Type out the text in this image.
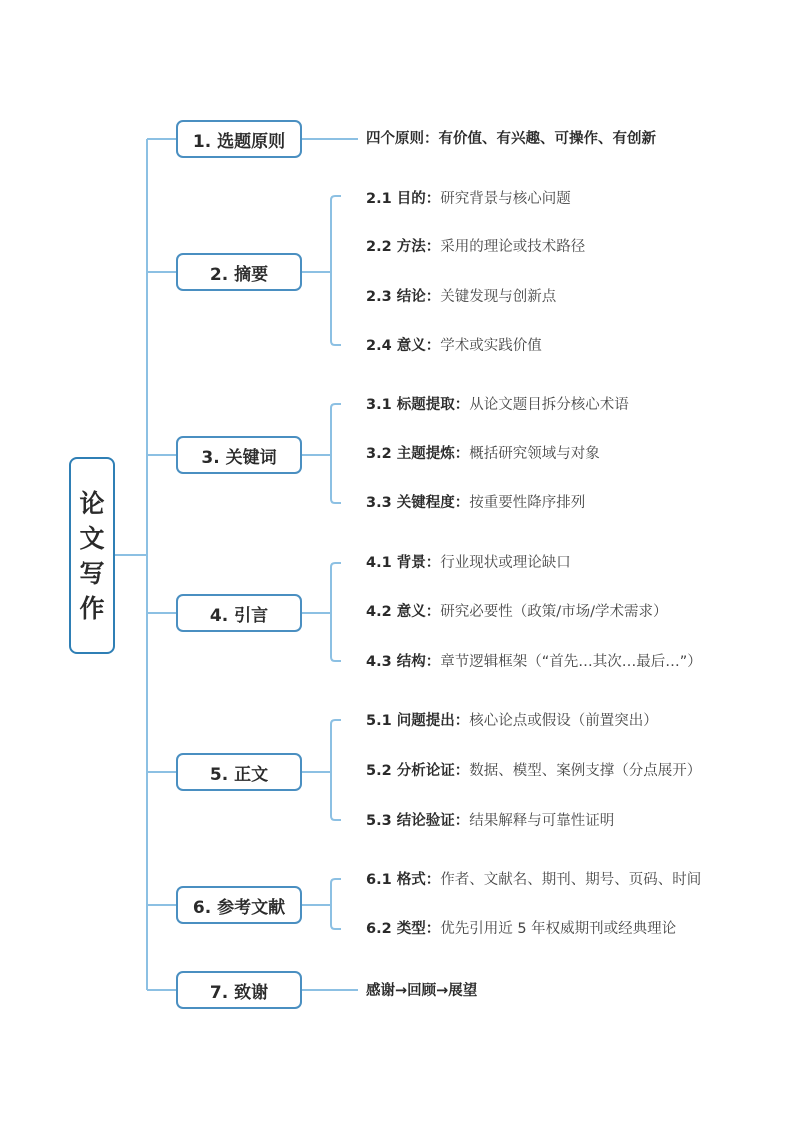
论
文
写
作
1. 选题原则
2. 摘要
3. 关键词
4. 引言
5. 正文
6. 参考文献
7. 致谢
四个原则：有价值、有兴趣、可操作、有创新
2.1 目的：研究背景与核心问题
2.2 方法：采用的理论或技术路径
2.3 结论：关键发现与创新点
2.4 意义：学术或实践价值
3.1 标题提取：从论文题目拆分核心术语
3.2 主题提炼：概括研究领域与对象
3.3 关键程度：按重要性降序排列
4.1 背景：行业现状或理论缺口
4.2 意义：研究必要性（政策/市场/学术需求）
4.3 结构：章节逻辑框架（“首先…其次…最后…”）
5.1 问题提出：核心论点或假设（前置突出）
5.2 分析论证：数据、模型、案例支撑（分点展开）
5.3 结论验证：结果解释与可靠性证明
6.1 格式：作者、文献名、期刊、期号、页码、时间
6.2 类型：优先引用近 5 年权威期刊或经典理论
感谢→回顾→展望
